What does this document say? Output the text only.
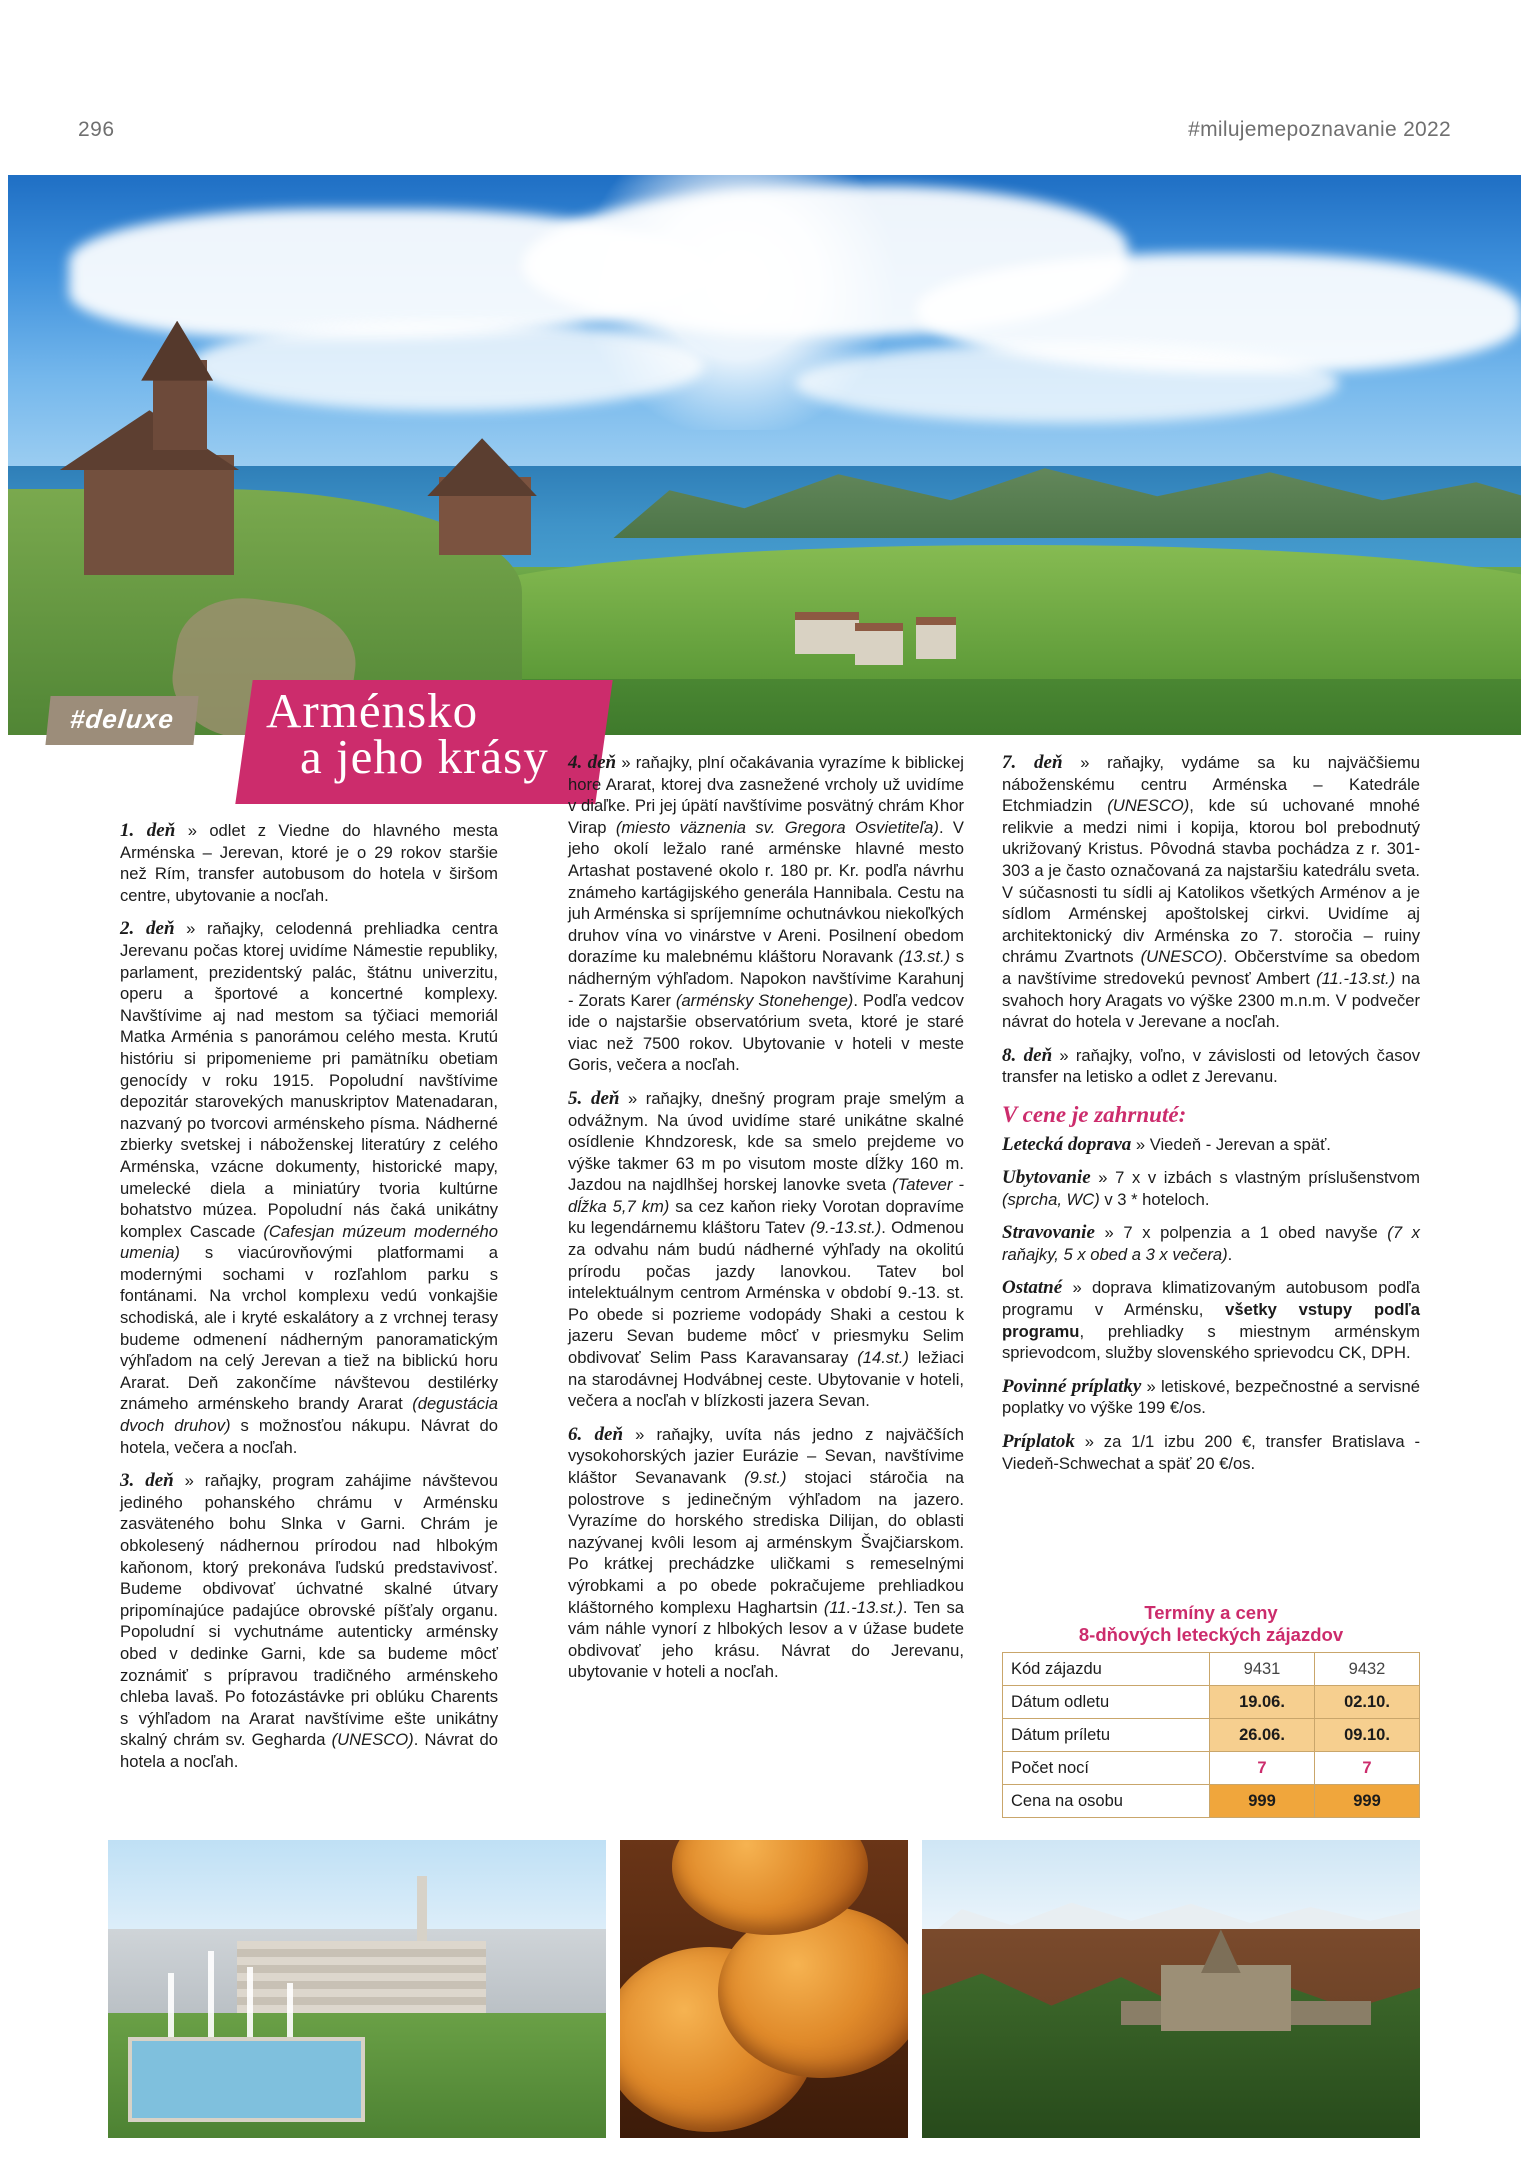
296	#milujemepoznavanie 2022
#deluxe	Arménsko
a jeho krásy

1. deň » odlet z Viedne do hlavného mesta Arménska – Jerevan, ktoré je o 29 rokov staršie než Rím, transfer autobusom do hotela v širšom centre, ubytovanie a nocľah.

2. deň » raňajky, celodenná prehliadka centra Jerevanu počas ktorej uvidíme Námestie republiky, parlament, prezidentský palác, štátnu univerzitu, operu a športové a koncertné komplexy. Navštívime aj nad mestom sa týčiaci memoriál Matka Arménia s panorámou celého mesta. Krutú históriu si pripomenieme pri pamätníku obetiam genocídy v roku 1915. Popoludní navštívime depozitár starovekých manuskriptov Matenadaran, nazvaný po tvorcovi arménskeho písma. Nádherné zbierky svetskej i náboženskej literatúry z celého Arménska, vzácne dokumenty, historické mapy, umelecké diela a miniatúry tvoria kultúrne bohatstvo múzea. Popoludní nás čaká unikátny komplex Cascade (Cafesjan múzeum moderného umenia) s viacúrovňovými platformami a modernými sochami v rozľahlom parku s fontánami. Na vrchol komplexu vedú vonkajšie schodiská, ale i kryté eskalátory a z vrchnej terasy budeme odmenení nádherným panoramatickým výhľadom na celý Jerevan a tiež na biblickú horu Ararat. Deň zakončíme návštevou destilérky známeho arménskeho brandy Ararat (degustácia dvoch druhov) s možnosťou nákupu. Návrat do hotela, večera a nocľah.

3. deň » raňajky, program zahájime návštevou jediného pohanského chrámu v Arménsku zasväteného bohu Slnka v Garni. Chrám je obkolesený nádhernou prírodou nad hlbokým kaňonom, ktorý prekonáva ľudskú predstavivosť. Budeme obdivovať úchvatné skalné útvary pripomínajúce padajúce obrovské píšťaly organu. Popoludní si vychutnáme autenticky arménsky obed v dedinke Garni, kde sa budeme môcť zoznámiť s prípravou tradičného arménskeho chleba lavaš. Po fotozástávke pri oblúku Charents s výhľadom na Ararat navštívime ešte unikátny skalný chrám sv. Gegharda (UNESCO). Návrat do hotela a nocľah.

4. deň » raňajky, plní očakávania vyrazíme k biblickej hore Ararat, ktorej dva zasnežené vrcholy už uvidíme v diaľke. Pri jej úpätí navštívime posvätný chrám Khor Virap (miesto väznenia sv. Gregora Osvietiteľa). V jeho okolí ležalo rané arménske hlavné mesto Artashat postavené okolo r. 180 pr. Kr. podľa návrhu známeho kartágijského generála Hannibala. Cestu na juh Arménska si spríjemníme ochutnávkou niekoľkých druhov vína vo vinárstve v Areni. Posilnení obedom dorazíme ku malebnému kláštoru Noravank (13.st.) s nádherným výhľadom. Napokon navštívime Karahunj - Zorats Karer (arménsky Stonehenge). Podľa vedcov ide o najstaršie observatórium sveta, ktoré je staré viac než 7500 rokov. Ubytovanie v hoteli v meste Goris, večera a nocľah.

5. deň » raňajky, dnešný program praje smelým a odvážnym. Na úvod uvidíme staré unikátne skalné osídlenie Khndzoresk, kde sa smelo prejdeme vo výške takmer 63 m po visutom moste dĺžky 160 m. Jazdou na najdlhšej horskej lanovke sveta (Tatever - dĺžka 5,7 km) sa cez kaňon rieky Vorotan dopravíme ku legendárnemu kláštoru Tatev (9.-13.st.). Odmenou za odvahu nám budú nádherné výhľady na okolitú prírodu počas jazdy lanovkou. Tatev bol intelektuálnym centrom Arménska v období 9.-13. st. Po obede si pozrieme vodopády Shaki a cestou k jazeru Sevan budeme môcť v priesmyku Selim obdivovať Selim Pass Karavansaray (14.st.) ležiaci na starodávnej Hodvábnej ceste. Ubytovanie v hoteli, večera a nocľah v blízkosti jazera Sevan.

6. deň » raňajky, uvíta nás jedno z najväčších vysokohorských jazier Eurázie – Sevan, navštívime kláštor Sevanavank (9.st.) stojaci stáročia na polostrove s jedinečným výhľadom na jazero. Vyrazíme do horského strediska Dilijan, do oblasti nazývanej kvôli lesom aj arménskym Švajčiarskom. Po krátkej prechádzke uličkami s remeselnými výrobkami a po obede pokračujeme prehliadkou kláštorného komplexu Haghartsin (11.-13.st.). Ten sa vám náhle vynorí z hlbokých lesov a v úžase budete obdivovať jeho krásu. Návrat do Jerevanu, ubytovanie v hoteli a nocľah.

7. deň » raňajky, vydáme sa ku najväčšiemu náboženskému centru Arménska – Katedrále Etchmiadzin (UNESCO), kde sú uchované mnohé relikvie a medzi nimi i kopija, ktorou bol prebodnutý ukrižovaný Kristus. Pôvodná stavba pochádza z r. 301-303 a je často označovaná za najstaršiu katedrálu sveta. V súčasnosti tu sídli aj Katolikos všetkých Arménov a je sídlom Arménskej apoštolskej cirkvi. Uvidíme aj architektonický div Arménska zo 7. storočia – ruiny chrámu Zvartnots (UNESCO). Občerstvíme sa obedom a navštívime stredovekú pevnosť Ambert (11.-13.st.) na svahoch hory Aragats vo výške 2300 m.n.m. V podvečer návrat do hotela v Jerevane a nocľah.

8. deň » raňajky, voľno, v závislosti od letových časov transfer na letisko a odlet z Jerevanu.

V cene je zahrnuté:

Letecká doprava » Viedeň - Jerevan a späť.

Ubytovanie » 7 x v izbách s vlastným príslušenstvom (sprcha, WC) v 3 * hoteloch.

Stravovanie » 7 x polpenzia a 1 obed navyše (7 x raňajky, 5 x obed a 3 x večera).

Ostatné » doprava klimatizovaným autobusom podľa programu v Arménsku, všetky vstupy podľa programu, prehliadky s miestnym arménskym sprievodcom, služby slovenského sprievodcu CK, DPH.

Povinné príplatky » letiskové, bezpečnostné a servisné poplatky vo výške 199 €/os.

Príplatok » za 1/1 izbu 200 €, transfer Bratislava - Viedeň-Schwechat a späť 20 €/os.

Termíny a ceny
8-dňových leteckých zájazdov
Kód zájazdu	9431	9432
Dátum odletu	19.06.	02.10.
Dátum príletu	26.06.	09.10.
Počet nocí	7	7
Cena na osobu	999	999
